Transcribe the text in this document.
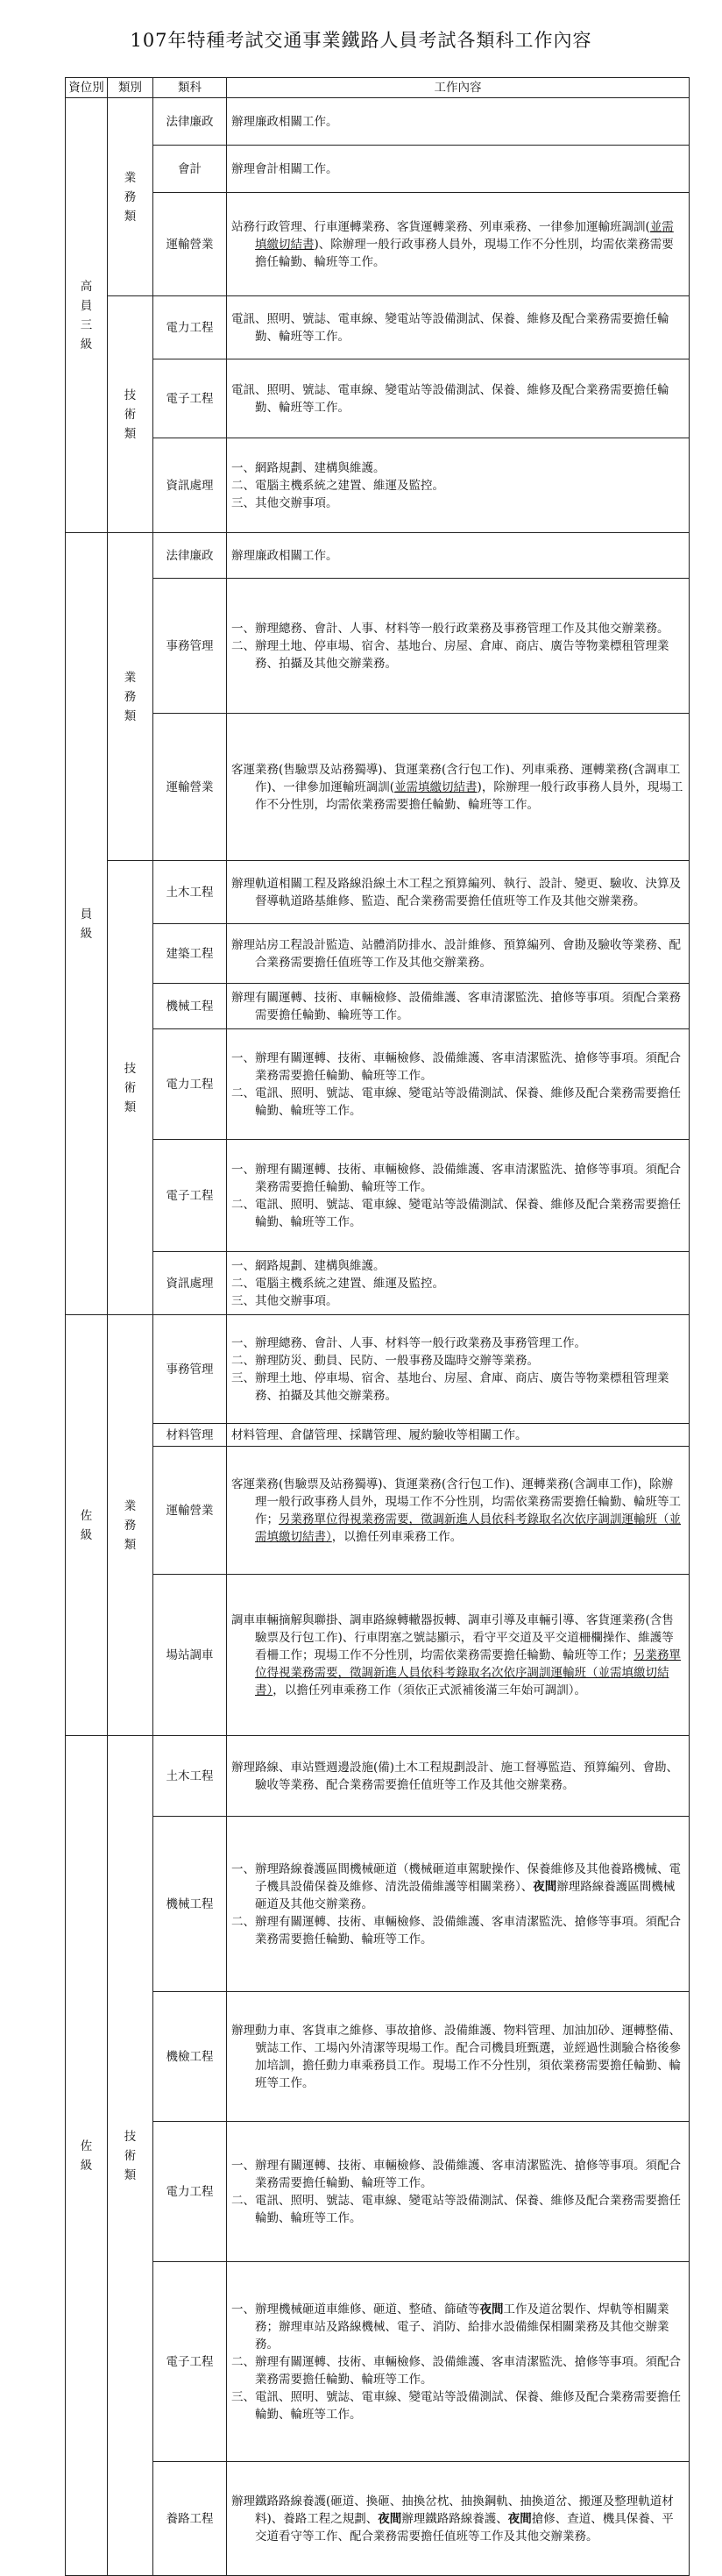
107年特種考試交通事業鐵路人員考試各類科工作內容
資位別	類別	類科	工作內容
高員三級	業務類	法律廉政	辦理廉政相關工作。

		會計	辦理會計相關工作。

		運輸營業	站務行政管理、行車運轉業務、客貨運轉業務、列車乘務、一律參加運輸班調訓(並需填繳切結書)、除辦理一般行政事務人員外，現場工作不分性別，均需依業務需要擔任輪勤、輪班等工作。

	技術類	電力工程	電訊、照明、號誌、電車線、變電站等設備測試、保養、維修及配合業務需要擔任輪勤、輪班等工作。

		電子工程	電訊、照明、號誌、電車線、變電站等設備測試、保養、維修及配合業務需要擔任輪勤、輪班等工作。

		資訊處理	一、網路規劃、建構與維護。
二、電腦主機系統之建置、維運及監控。
三、其他交辦事項。

員級	業務類	法律廉政	辦理廉政相關工作。

		事務管理	一、辦理總務、會計、人事、材料等一般行政業務及事務管理工作及其他交辦業務。
二、辦理土地、停車場、宿舍、基地台、房屋、倉庫、商店、廣告等物業標租管理業務、拍攝及其他交辦業務。

		運輸營業	客運業務(售驗票及站務獨導)、貨運業務(含行包工作)、列車乘務、運轉業務(含調車工作)、一律參加運輸班調訓(並需填繳切結書)，除辦理一般行政事務人員外，現場工作不分性別，均需依業務需要擔任輪勤、輪班等工作。

	技術類	土木工程	辦理軌道相關工程及路線沿線土木工程之預算編列、執行、設計、變更、驗收、決算及督導軌道路基維修、監造、配合業務需要擔任值班等工作及其他交辦業務。

		建築工程	辦理站房工程設計監造、站體消防排水、設計維修、預算編列、會勘及驗收等業務、配合業務需要擔任值班等工作及其他交辦業務。

		機械工程	辦理有關運轉、技術、車輛檢修、設備維護、客車清潔監洗、搶修等事項。須配合業務需要擔任輪勤、輪班等工作。

		電力工程	一、辦理有關運轉、技術、車輛檢修、設備維護、客車清潔監洗、搶修等事項。須配合業務需要擔任輪勤、輪班等工作。
二、電訊、照明、號誌、電車線、變電站等設備測試、保養、維修及配合業務需要擔任輪勤、輪班等工作。

		電子工程	一、辦理有關運轉、技術、車輛檢修、設備維護、客車清潔監洗、搶修等事項。須配合業務需要擔任輪勤、輪班等工作。
二、電訊、照明、號誌、電車線、變電站等設備測試、保養、維修及配合業務需要擔任輪勤、輪班等工作。

		資訊處理	一、網路規劃、建構與維護。
二、電腦主機系統之建置、維運及監控。
三、其他交辦事項。

佐級	業務類	事務管理	一、辦理總務、會計、人事、材料等一般行政業務及事務管理工作。
二、辦理防災、動員、民防、一般事務及臨時交辦等業務。
三、辦理土地、停車場、宿舍、基地台、房屋、倉庫、商店、廣告等物業標租管理業務、拍攝及其他交辦業務。

		材料管理	材料管理、倉儲管理、採購管理、履約驗收等相關工作。

		運輸營業	客運業務(售驗票及站務獨導)、貨運業務(含行包工作)、運轉業務(含調車工作)，除辦理一般行政事務人員外，現場工作不分性別，均需依業務需要擔任輪勤、輪班等工作；另業務單位得視業務需要，徵調新進人員依科考錄取名次依序調訓運輸班（並需填繳切結書），以擔任列車乘務工作。

		場站調車	調車車輛摘解與聯掛、調車路線轉轍器扳轉、調車引導及車輛引導、客貨運業務(含售驗票及行包工作)、行車閉塞之號誌顯示，看守平交道及平交道柵欄操作、維護等看柵工作；現場工作不分性別，均需依業務需要擔任輪勤、輪班等工作；另業務單位得視業務需要，徵調新進人員依科考錄取名次依序調訓運輸班（並需填繳切結書），以擔任列車乘務工作（須依正式派補後滿三年始可調訓）。

佐級	技術類	土木工程	辦理路線、車站暨週邊設施(備)土木工程規劃設計、施工督導監造、預算編列、會勘、驗收等業務、配合業務需要擔任值班等工作及其他交辦業務。

		機械工程	一、辦理路線養護區間機械砸道（機械砸道車駕駛操作、保養維修及其他養路機械、電子機具設備保養及維修、清洗設備維護等相關業務）、夜間辦理路線養護區間機械砸道及其他交辦業務。
二、辦理有關運轉、技術、車輛檢修、設備維護、客車清潔監洗、搶修等事項。須配合業務需要擔任輪勤、輪班等工作。

		機檢工程	辦理動力車、客貨車之維修、事故搶修、設備維護、物料管理、加油加砂、運轉整備、號誌工作、工場內外清潔等現場工作。配合司機員班甄選，並經過性測驗合格後參加培訓，擔任動力車乘務員工作。現場工作不分性別，須依業務需要擔任輪勤、輪班等工作。

		電力工程	一、辦理有關運轉、技術、車輛檢修、設備維護、客車清潔監洗、搶修等事項。須配合業務需要擔任輪勤、輪班等工作。
二、電訊、照明、號誌、電車線、變電站等設備測試、保養、維修及配合業務需要擔任輪勤、輪班等工作。

		電子工程	一、辦理機械砸道車維修、砸道、整碴、篩碴等夜間工作及道岔製作、焊軌等相關業務；辦理車站及路線機械、電子、消防、給排水設備維保相關業務及其他交辦業務。
二、辦理有關運轉、技術、車輛檢修、設備維護、客車清潔監洗、搶修等事項。須配合業務需要擔任輪勤、輪班等工作。
三、電訊、照明、號誌、電車線、變電站等設備測試、保養、維修及配合業務需要擔任輪勤、輪班等工作。

		養路工程	辦理鐵路路線養護(砸道、換砸、抽換岔枕、抽換鋼軌、抽換道岔、搬運及整理軌道材料)、養路工程之規劃、夜間辦理鐵路路線養護、夜間搶修、查道、機具保養、平交道看守等工作、配合業務需要擔任值班等工作及其他交辦業務。
